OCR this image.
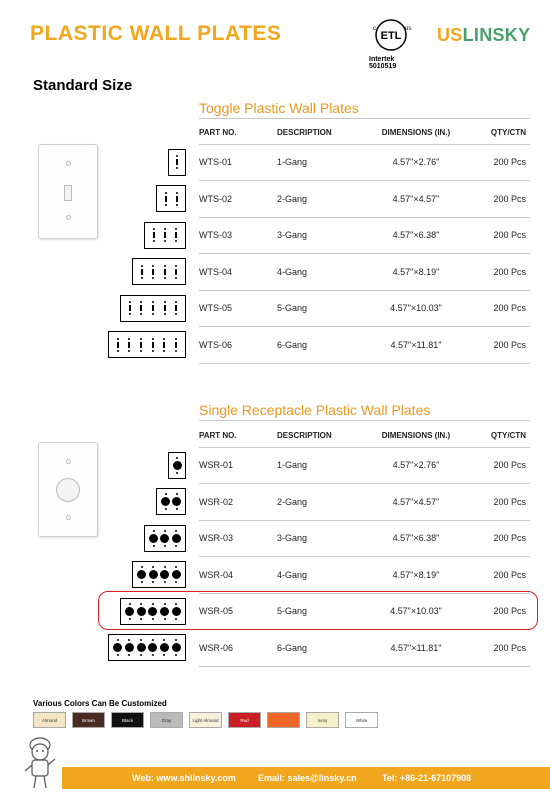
PLASTIC WALL PLATES	ETL
c	us
Intertek
5010519
USLINSKY
Standard Size
Toggle Plastic Wall Plates
PART NO.	DESCRIPTION	DIMENSIONS (IN.)	QTY/CTN
WTS-01	1-Gang	4.57"×2.76"	200 Pcs
WTS-02	2-Gang	4.57"×4.57"	200 Pcs
WTS-03	3-Gang	4.57"×6.38"	200 Pcs
WTS-04	4-Gang	4.57"×8.19"	200 Pcs
WTS-05	5-Gang	4.57"×10.03"	200 Pcs
WTS-06	6-Gang	4.57"×11.81"	200 Pcs
Single Receptacle Plastic Wall Plates
PART NO.	DESCRIPTION	DIMENSIONS (IN.)	QTY/CTN
WSR-01	1-Gang	4.57"×2.76"	200 Pcs
WSR-02	2-Gang	4.57"×4.57"	200 Pcs
WSR-03	3-Gang	4.57"×6.38"	200 Pcs
WSR-04	4-Gang	4.57"×8.19"	200 Pcs
WSR-05	5-Gang	4.57"×10.03"	200 Pcs
WSR-06	6-Gang	4.57"×11.81"	200 Pcs
Various Colors Can Be Customized
Almond	Brown	Black	Gray	Light Almond	Red	Ivory	White
Web: www.shlinsky.com Email: sales@linsky.cn	Tel: +86-21-67107908
